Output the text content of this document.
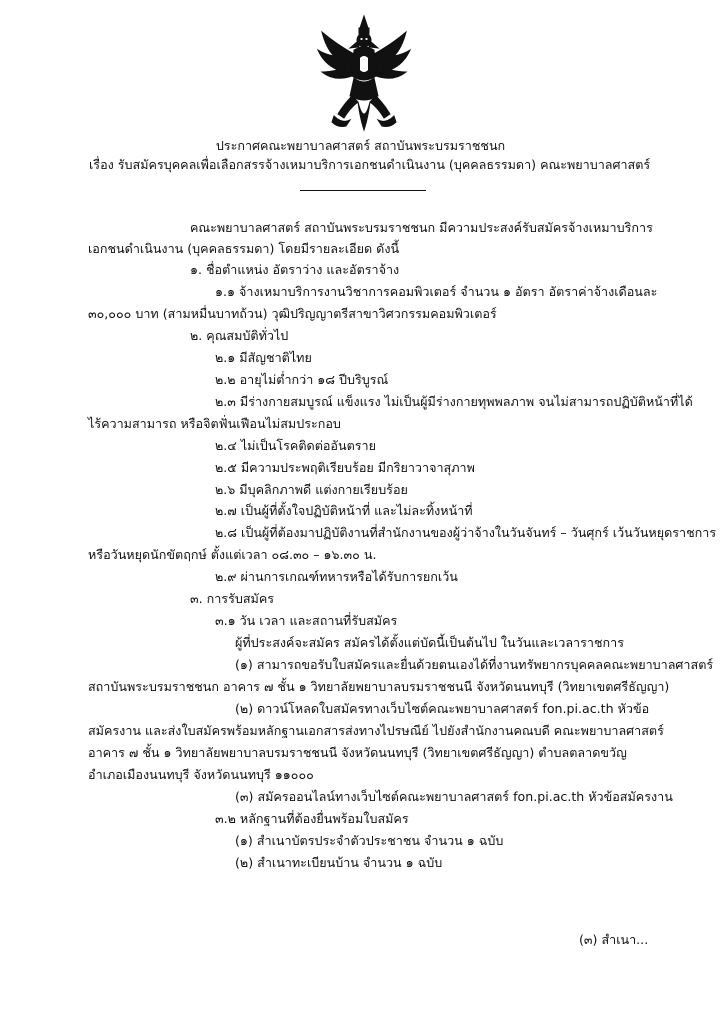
ประกาศคณะพยาบาลศาสตร์ สถาบันพระบรมราชชนก
เรื่อง รับสมัครบุคคลเพื่อเลือกสรรจ้างเหมาบริการเอกชนดำเนินงาน (บุคคลธรรมดา) คณะพยาบาลศาสตร์
คณะพยาบาลศาสตร์ สถาบันพระบรมราชชนก มีความประสงค์รับสมัครจ้างเหมาบริการ
เอกชนดำเนินงาน (บุคคลธรรมดา) โดยมีรายละเอียด ดังนี้
๑. ชื่อตำแหน่ง อัตราว่าง และอัตราจ้าง
๑.๑ จ้างเหมาบริการงานวิชาการคอมพิวเตอร์ จำนวน ๑ อัตรา อัตราค่าจ้างเดือนละ
๓๐,๐๐๐ บาท (สามหมื่นบาทถ้วน) วุฒิปริญญาตรีสาขาวิศวกรรมคอมพิวเตอร์
๒. คุณสมบัติทั่วไป
๒.๑ มีสัญชาติไทย
๒.๒ อายุไม่ต่ำกว่า ๑๘ ปีบริบูรณ์
๒.๓ มีร่างกายสมบูรณ์ แข็งแรง ไม่เป็นผู้มีร่างกายทุพพลภาพ จนไม่สามารถปฏิบัติหน้าที่ได้
ไร้ความสามารถ หรือจิตฟั่นเฟือนไม่สมประกอบ
๒.๔ ไม่เป็นโรคติดต่ออันตราย
๒.๕ มีความประพฤติเรียบร้อย มีกริยาวาจาสุภาพ
๒.๖ มีบุคลิกภาพดี แต่งกายเรียบร้อย
๒.๗ เป็นผู้ที่ตั้งใจปฏิบัติหน้าที่ และไม่ละทิ้งหน้าที่
๒.๘ เป็นผู้ที่ต้องมาปฏิบัติงานที่สำนักงานของผู้ว่าจ้างในวันจันทร์ – วันศุกร์ เว้นวันหยุดราชการ
หรือวันหยุดนักขัตฤกษ์ ตั้งแต่เวลา ๐๘.๓๐ – ๑๖.๓๐ น.
๒.๙ ผ่านการเกณฑ์ทหารหรือได้รับการยกเว้น
๓. การรับสมัคร
๓.๑ วัน เวลา และสถานที่รับสมัคร
ผู้ที่ประสงค์จะสมัคร สมัครได้ตั้งแต่บัดนี้เป็นต้นไป ในวันและเวลาราชการ
(๑) สามารถขอรับใบสมัครและยื่นด้วยตนเองได้ที่งานทรัพยากรบุคคลคณะพยาบาลศาสตร์
สถาบันพระบรมราชชนก อาคาร ๗ ชั้น ๑ วิทยาลัยพยาบาลบรมราชชนนี จังหวัดนนทบุรี (วิทยาเขตศรีธัญญา)
(๒) ดาวน์โหลดใบสมัครทางเว็บไซต์คณะพยาบาลศาสตร์ fon.pi.ac.th หัวข้อ
สมัครงาน และส่งใบสมัครพร้อมหลักฐานเอกสารส่งทางไปรษณีย์ ไปยังสำนักงานคณบดี คณะพยาบาลศาสตร์
อาคาร ๗ ชั้น ๑ วิทยาลัยพยาบาลบรมราชชนนี จังหวัดนนทบุรี (วิทยาเขตศรีธัญญา) ตำบลตลาดขวัญ
อำเภอเมืองนนทบุรี จังหวัดนนทบุรี ๑๑๐๐๐
(๓) สมัครออนไลน์ทางเว็บไซต์คณะพยาบาลศาสตร์ fon.pi.ac.th หัวข้อสมัครงาน
๓.๒ หลักฐานที่ต้องยื่นพร้อมใบสมัคร
(๑) สำเนาบัตรประจำตัวประชาชน จำนวน ๑ ฉบับ
(๒) สำเนาทะเบียนบ้าน จำนวน ๑ ฉบับ
(๓) สำเนา...
